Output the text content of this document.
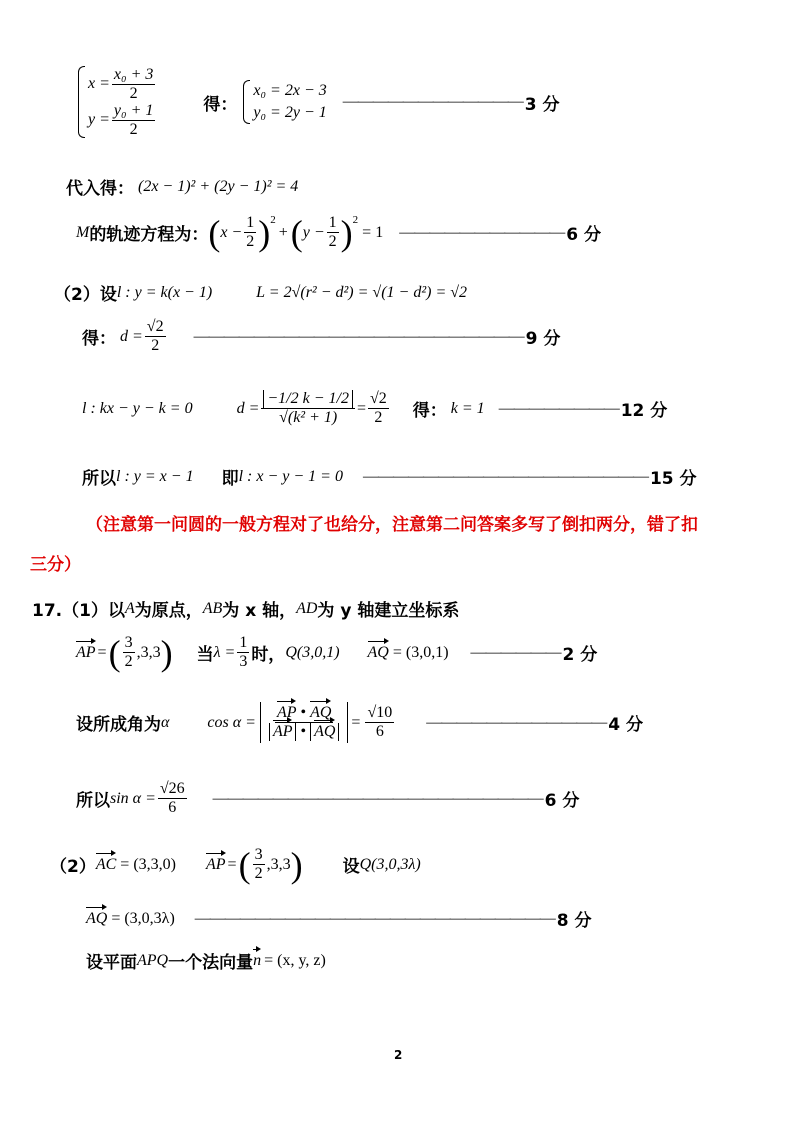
$x = \frac{\text{x₀ + 3}}{2}$
$y = \frac{\text{y₀ + 1}}{2}$	得：
x₀ = 2x − 3
y₀ = 2y − 1
———————————— 3 分
代入得： (2x − 1)² + (2y − 1)² = 4
M 的轨迹方程为： ( $x - \frac{1}{2} )^2$
+ ( $y - \frac{1}{2} )^2$
= 1 ——————————— 6 分
（2）设 l : y = k(x − 1)	L = 2√(r² − d²) = √(1 − d²) = √2
得： $d = \frac{√2}{2}$ —————————————————————— 9 分
l : kx − y − k = 0	$d = \frac{-1/2 k - 1/2}{\text{√(k² + 1)}} = \frac{√2}{2}$ 得： k = 1 ———————— 12 分
所以 l : y = x − 1 即 l : x − y − 1 = 0 ——————————————————— 15 分
（注意第一问圆的一般方程对了也给分，注意第二问答案多写了倒扣两分，错了扣
三分）
17.（1）以 A 为原点， AB 为 x 轴， AD 为 y 轴建立坐标系
AP = ( $\frac{3}{2} ,3,3$ ) 当 $\lambda = \frac{1}{3}$ 时， Q(3,0,1) AQ = (3,0,1) —————— 2 分
设所成角为 α $\cos \alpha = \frac{AP • AQ}{AP • AQ} = \frac{√10}{6}$ ———————————— 4 分
所以 $\sin \alpha = \frac{√26}{6}$ —————————————————————— 6 分
（2） AC = (3,3,0) AP = ( $\frac{3}{2} ,3,3$ ) 设 Q(3,0,3λ)
AQ = (3,0,3λ) ———————————————————————— 8 分
设平面 APQ 一个法向量 n = (x, y, z)
2
